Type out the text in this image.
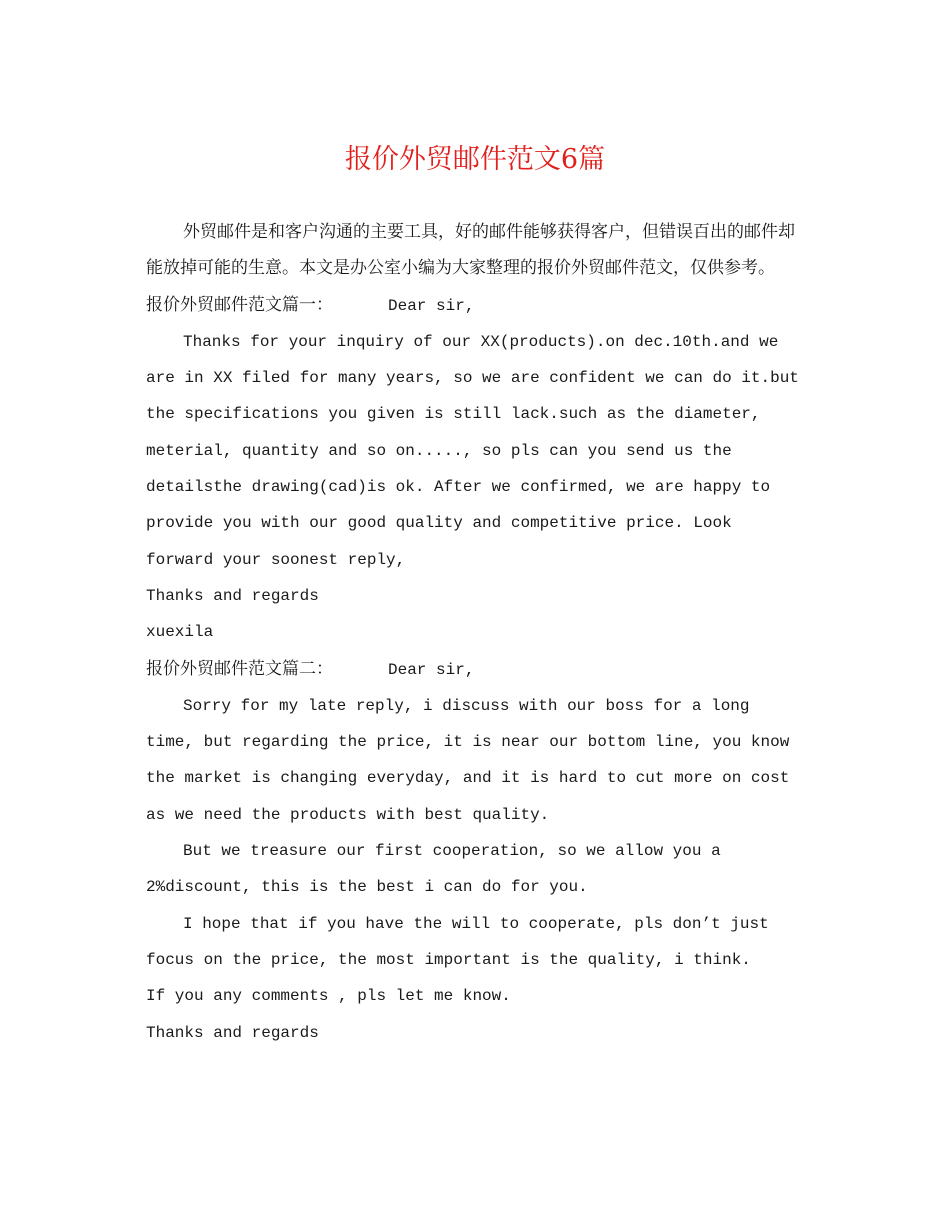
报价外贸邮件范文6篇

外贸邮件是和客户沟通的主要工具，好的邮件能够获得客户，但错误百出的邮件却能放掉可能的生意。本文是办公室小编为大家整理的报价外贸邮件范文，仅供参考。

报价外贸邮件范文篇一：	Dear sir,

Thanks for your inquiry of our XX(products).on dec.10th.and we are in XX filed for many years, so we are confident we can do it.but the specifications you given is still lack.such as the diameter, meterial, quantity and so on....., so pls can you send us the detailsthe drawing(cad)is ok. After we confirmed, we are happy to provide you with our good quality and competitive price. Look forward your soonest reply,

Thanks and regards

xuexila

报价外贸邮件范文篇二：	Dear sir,

Sorry for my late reply, i discuss with our boss for a long time, but regarding the price, it is near our bottom line, you know the market is changing everyday, and it is hard to cut more on cost as we need the products with best quality.

But we treasure our first cooperation, so we allow you a 2%discount, this is the best i can do for you.

I hope that if you have the will to cooperate, pls don’t just focus on the price, the most important is the quality, i think.

If you any comments , pls let me know.

Thanks and regards
